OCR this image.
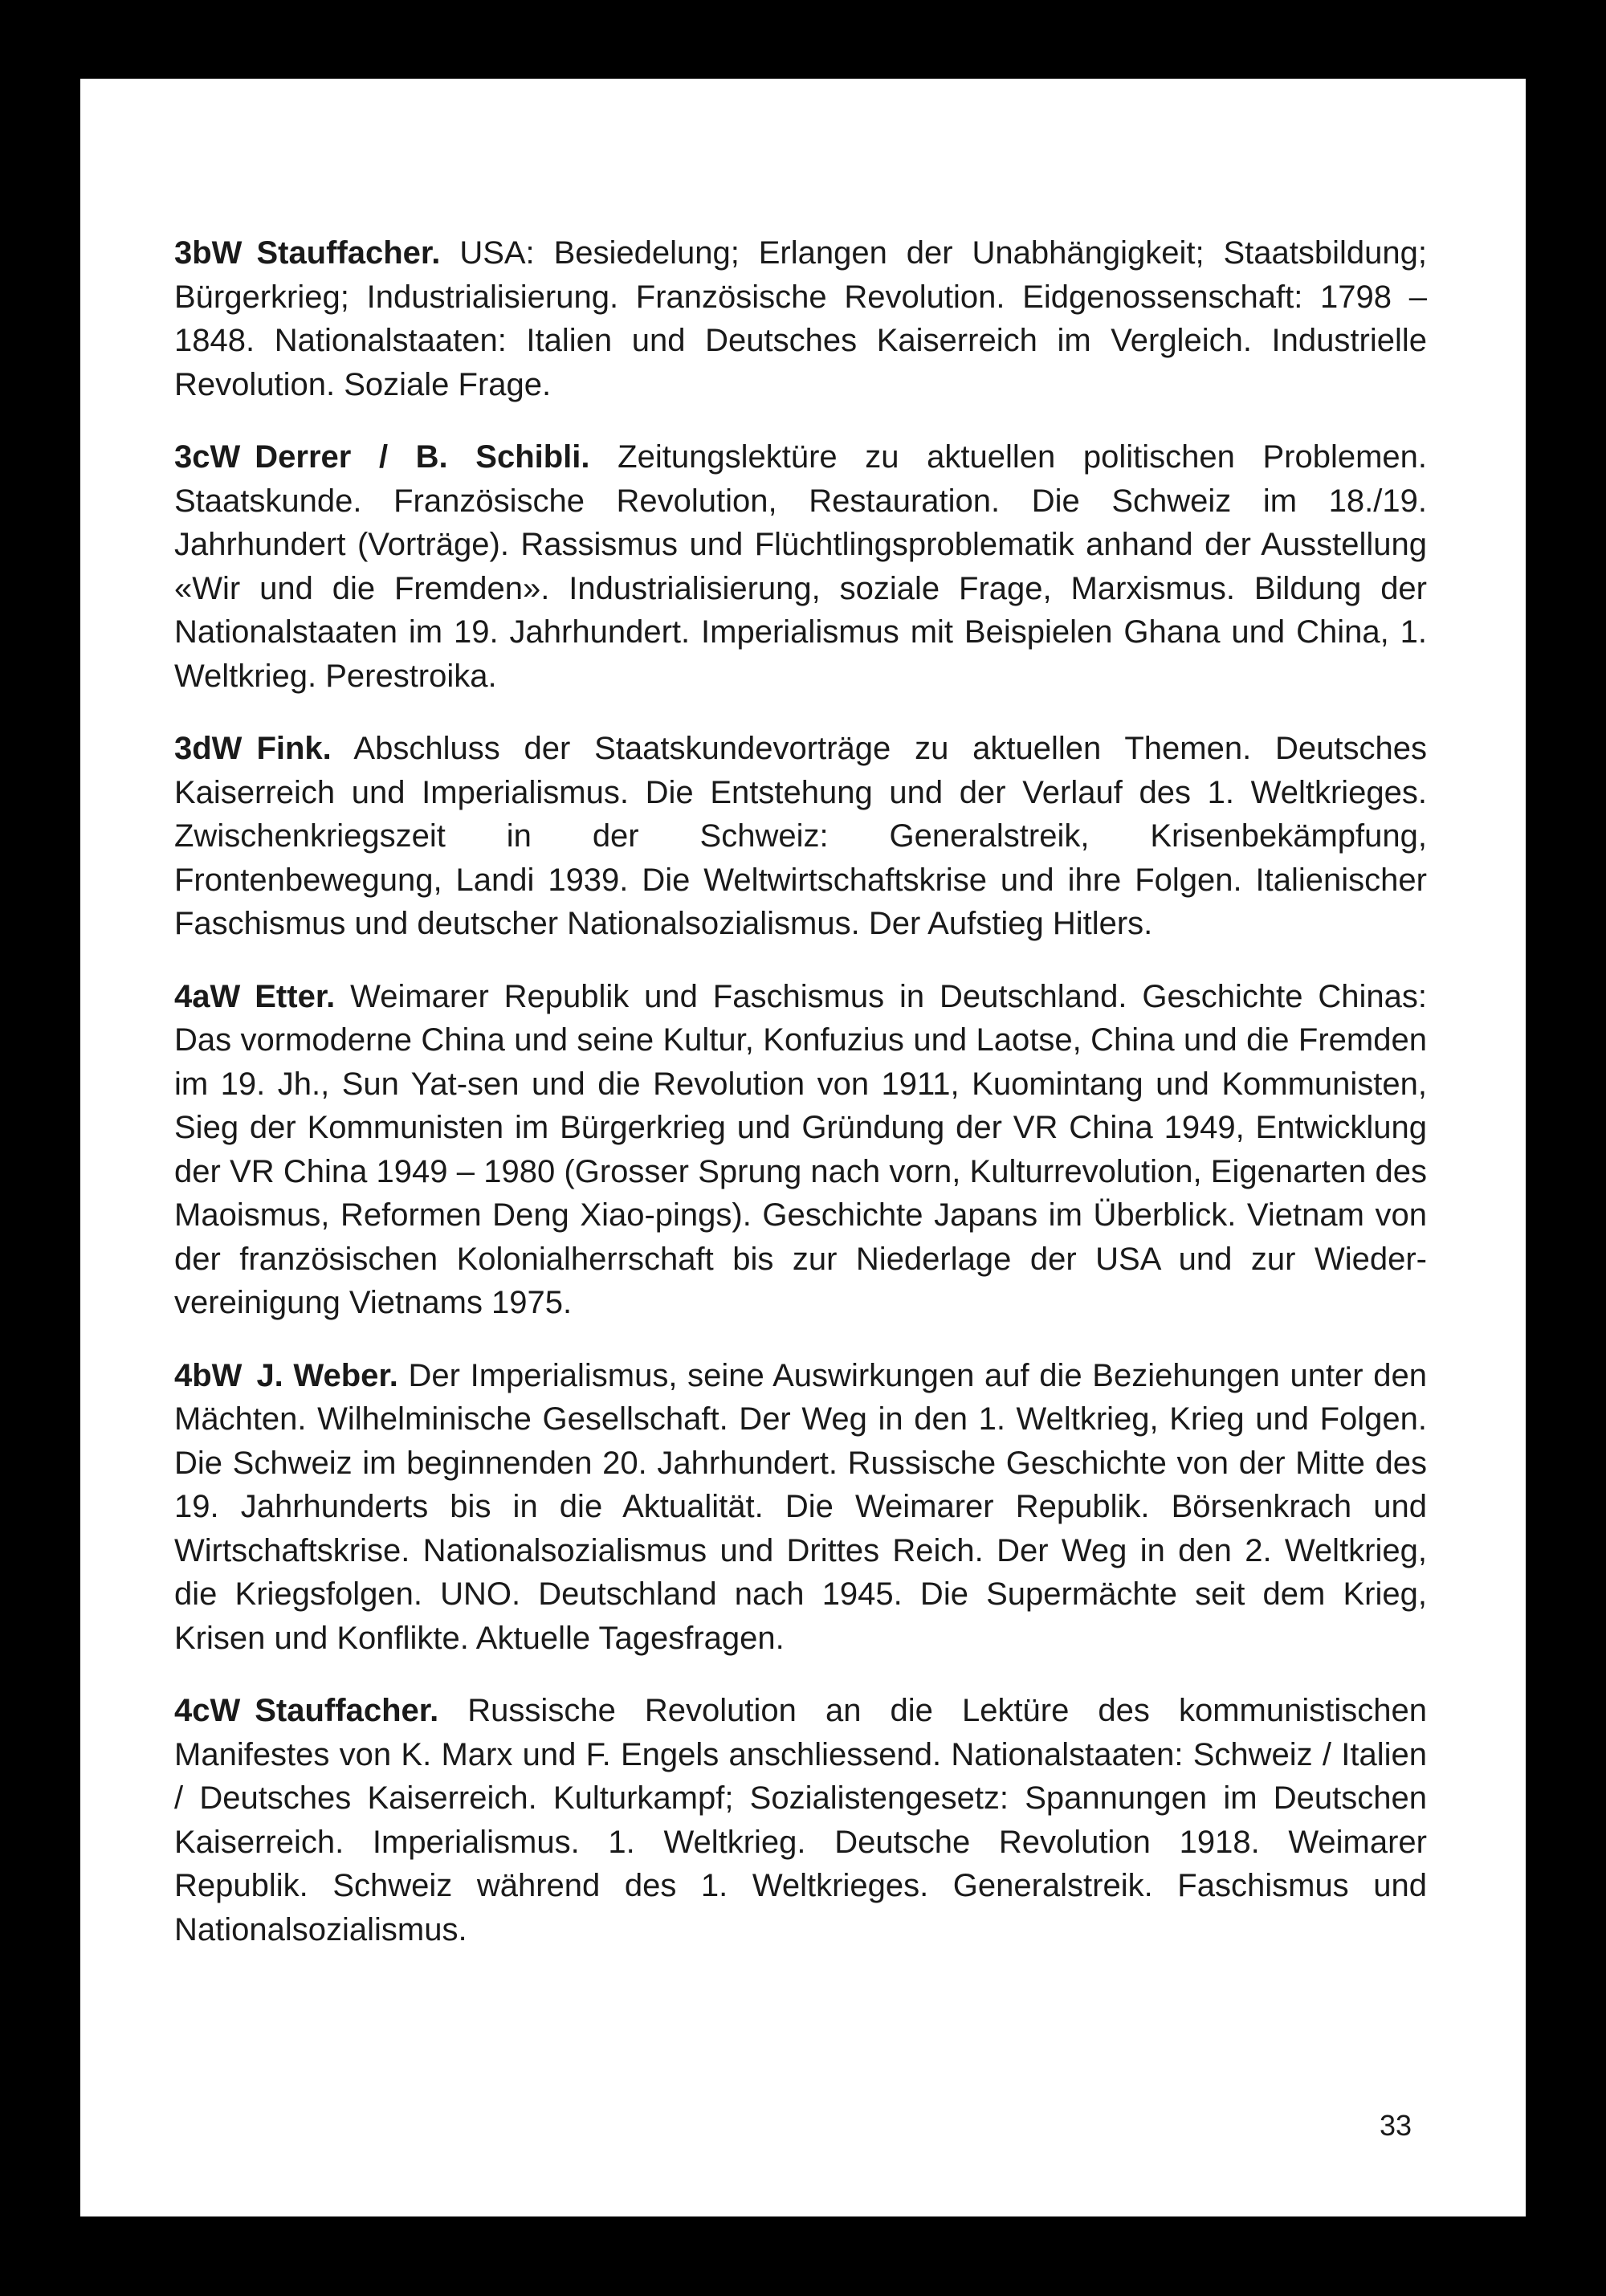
3bW Stauffacher. USA: Besiedelung; Erlangen der Unabhängigkeit; Staatsbildung; Bürgerkrieg; Industrialisierung. Französische Revolution. Eidgenossenschaft: 1798 – 1848. Nationalstaaten: Italien und Deutsches Kaiserreich im Vergleich. Industrielle Revolution. Soziale Frage.

3cW Derrer / B. Schibli. Zeitungslektüre zu aktuellen politischen Problemen. Staatskunde. Französische Revolution, Restauration. Die Schweiz im 18./19. Jahrhundert (Vorträge). Rassismus und Flüchtlingsproblematik anhand der Ausstellung «Wir und die Fremden». Industrialisierung, soziale Frage, Marxismus. Bildung der Nationalstaaten im 19. Jahrhundert. Imperialismus mit Beispielen Ghana und China, 1. Weltkrieg. Perestroika.

3dW Fink. Abschluss der Staatskundevorträge zu aktuellen Themen. Deutsches Kaiserreich und Imperialismus. Die Entstehung und der Verlauf des 1. Weltkrieges. Zwischenkriegszeit in der Schweiz: Generalstreik, Krisenbekämpfung, Frontenbewegung, Landi 1939. Die Weltwirtschaftskrise und ihre Folgen. Italienischer Faschismus und deutscher Nationalsozialismus. Der Aufstieg Hitlers.

4aW Etter. Weimarer Republik und Faschismus in Deutschland. Geschichte Chinas: Das vormoderne China und seine Kultur, Konfuzius und Laotse, China und die Fremden im 19. Jh., Sun Yat-sen und die Revolution von 1911, Kuomintang und Kommunisten, Sieg der Kommunisten im Bürgerkrieg und Gründung der VR China 1949, Entwicklung der VR China 1949 – 1980 (Grosser Sprung nach vorn, Kulturrevolution, Eigenarten des Maoismus, Reformen Deng Xiao-pings). Geschichte Japans im Überblick. Vietnam von der französischen Kolonialherrschaft bis zur Niederlage der USA und zur Wiedervereinigung Vietnams 1975.

4bW J. Weber. Der Imperialismus, seine Auswirkungen auf die Beziehungen unter den Mächten. Wilhelminische Gesellschaft. Der Weg in den 1. Weltkrieg, Krieg und Folgen. Die Schweiz im beginnenden 20. Jahrhundert. Russische Geschichte von der Mitte des 19. Jahrhunderts bis in die Aktualität. Die Weimarer Republik. Börsenkrach und Wirtschaftskrise. Nationalsozialismus und Drittes Reich. Der Weg in den 2. Weltkrieg, die Kriegsfolgen. UNO. Deutschland nach 1945. Die Supermächte seit dem Krieg, Krisen und Konflikte. Aktuelle Tagesfragen.

4cW Stauffacher. Russische Revolution an die Lektüre des kommunistischen Manifestes von K. Marx und F. Engels anschliessend. Nationalstaaten: Schweiz / Italien / Deutsches Kaiserreich. Kulturkampf; Sozialistengesetz: Spannungen im Deutschen Kaiserreich. Imperialismus. 1. Weltkrieg. Deutsche Revolution 1918. Weimarer Republik. Schweiz während des 1. Weltkrieges. Generalstreik. Faschismus und Nationalsozialismus.

33
